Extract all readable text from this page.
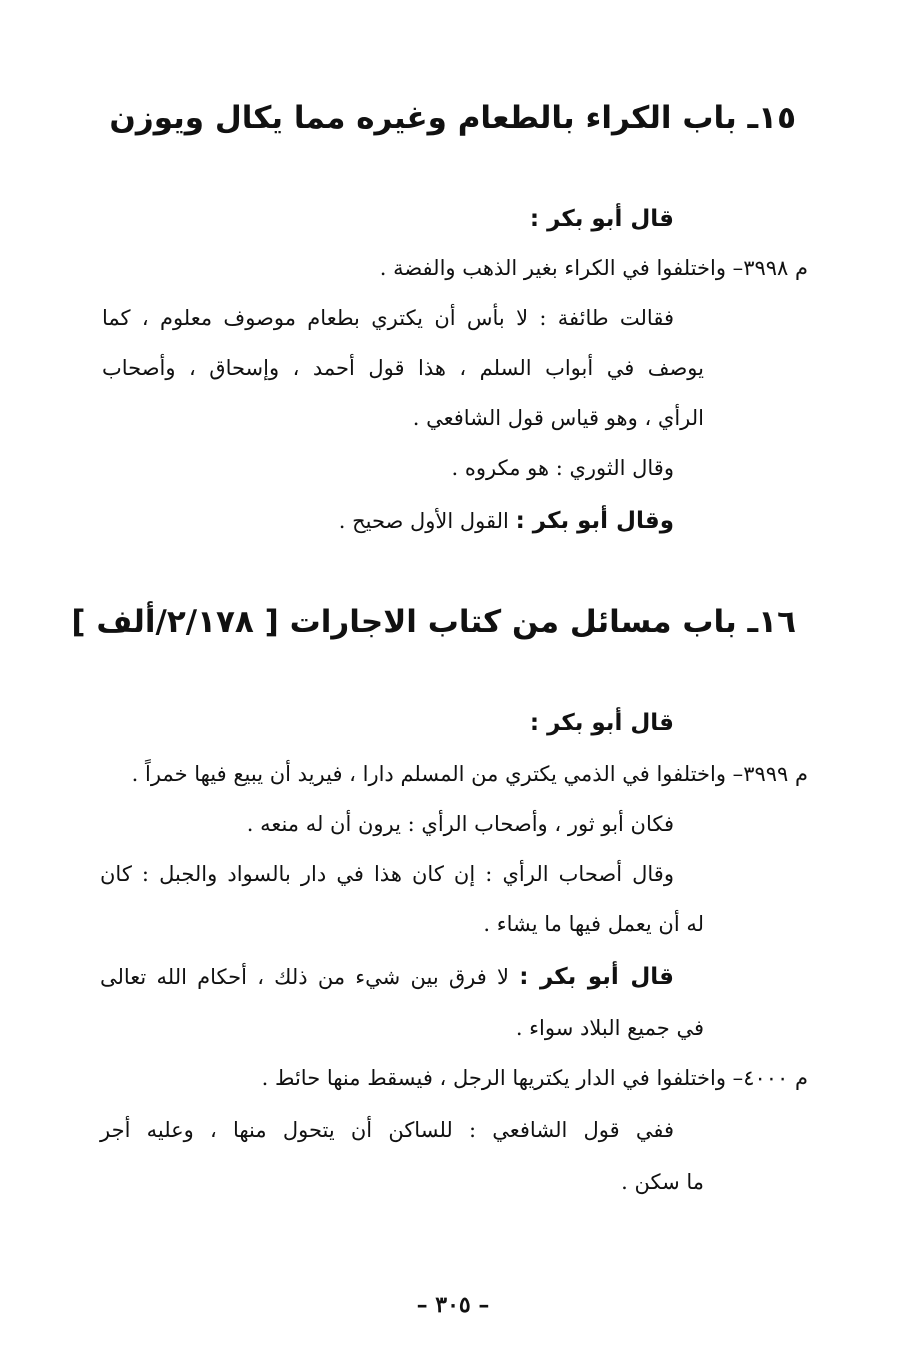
١٥ـ باب الكراء بالطعام وغيره مما يكال ويوزن
قال أبو بكر :
م ٣٩٩٨– واختلفوا في الكراء بغير الذهب والفضة .
فقالت طائفة : لا بأس أن يكتري بطعام موصوف معلوم ، كما
يوصف في أبواب السلم ، هذا قول أحمد ، وإسحاق ، وأصحاب
الرأي ، وهو قياس قول الشافعي .
وقال الثوري : هو مكروه .
وقال أبو بكر : القول الأول صحيح .
١٦ـ باب مسائل من كتاب الاجارات [ ٢/١٧٨/ألف ]
قال أبو بكر :
م ٣٩٩٩– واختلفوا في الذمي يكتري من المسلم دارا ، فيريد أن يبيع فيها خمراً .
فكان أبو ثور ، وأصحاب الرأي : يرون أن له منعه .
وقال أصحاب الرأي : إن كان هذا في دار بالسواد والجبل : كان
له أن يعمل فيها ما يشاء .
قال أبو بكر : لا فرق بين شيء من ذلك ، أحكام الله تعالى
في جميع البلاد سواء .
م ٤٠٠٠– واختلفوا في الدار يكتريها الرجل ، فيسقط منها حائط .
ففي قول الشافعي : للساكن أن يتحول منها ، وعليه أجر
ما سكن .
– ٣٠٥ –
